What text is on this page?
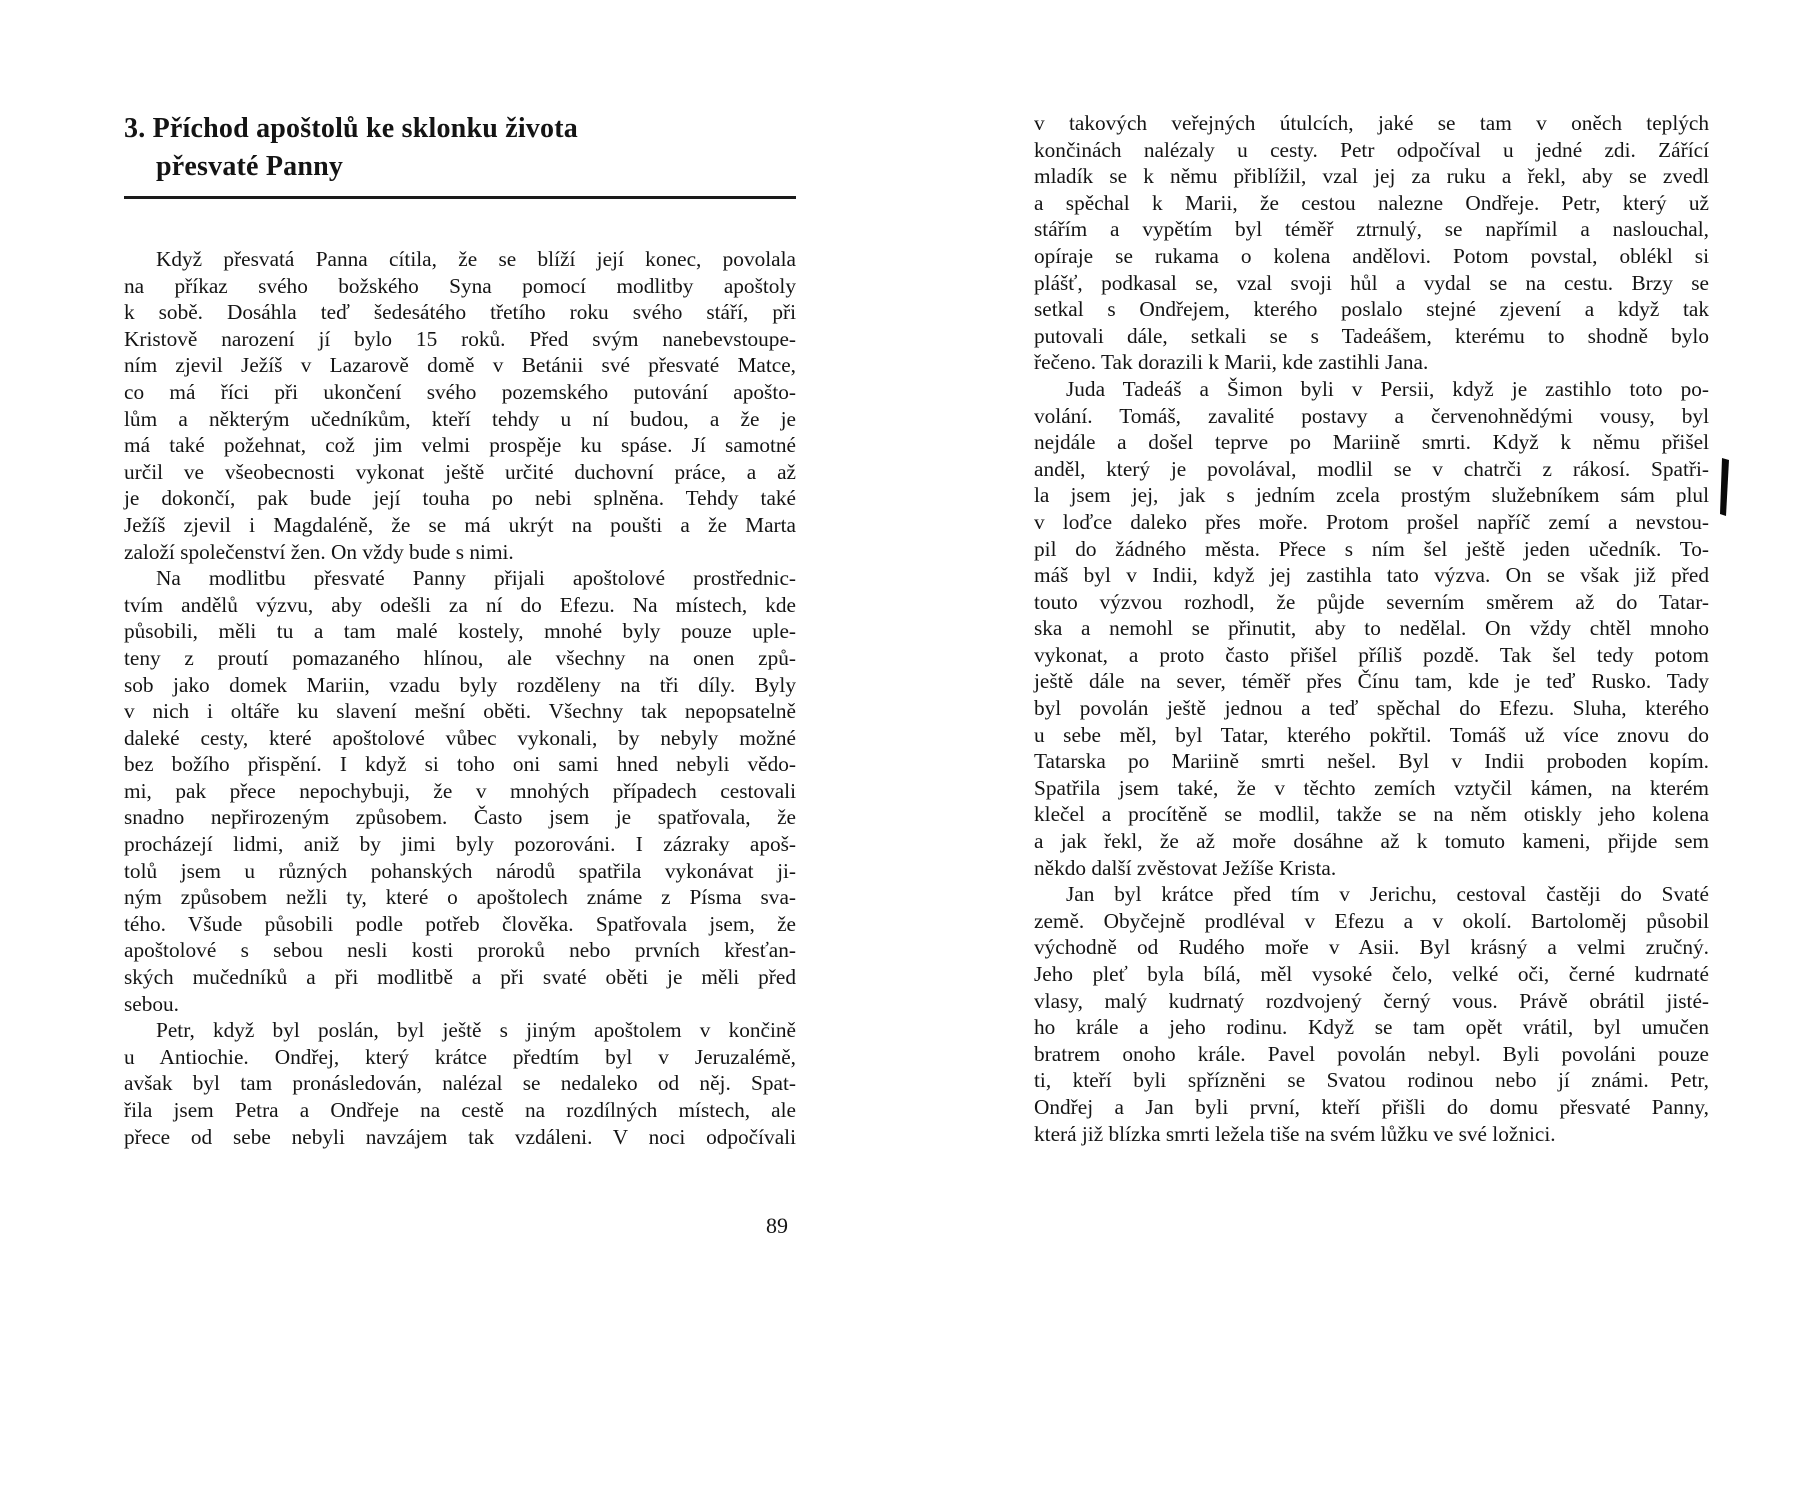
3. Příchod apoštolů ke sklonku života
přesvaté Panny

Když přesvatá Panna cítila, že se blíží její konec, povolala
na příkaz svého božského Syna pomocí modlitby apoštoly
k sobě. Dosáhla teď šedesátého třetího roku svého stáří, při
Kristově narození jí bylo 15 roků. Před svým nanebevstoupe-
ním zjevil Ježíš v Lazarově domě v Betánii své přesvaté Matce,
co má říci při ukončení svého pozemského putování apošto-
lům a některým učedníkům, kteří tehdy u ní budou, a že je
má také požehnat, což jim velmi prospěje ku spáse. Jí samotné
určil ve všeobecnosti vykonat ještě určité duchovní práce, a až
je dokončí, pak bude její touha po nebi splněna. Tehdy také
Ježíš zjevil i Magdaléně, že se má ukrýt na poušti a že Marta
založí společenství žen. On vždy bude s nimi.

Na modlitbu přesvaté Panny přijali apoštolové prostřednic-
tvím andělů výzvu, aby odešli za ní do Efezu. Na místech, kde
působili, měli tu a tam malé kostely, mnohé byly pouze uple-
teny z proutí pomazaného hlínou, ale všechny na onen způ-
sob jako domek Mariin, vzadu byly rozděleny na tři díly. Byly
v nich i oltáře ku slavení mešní oběti. Všechny tak nepopsatelně
daleké cesty, které apoštolové vůbec vykonali, by nebyly možné
bez božího přispění. I když si toho oni sami hned nebyli vědo-
mi, pak přece nepochybuji, že v mnohých případech cestovali
snadno nepřirozeným způsobem. Často jsem je spatřovala, že
procházejí lidmi, aniž by jimi byly pozorováni. I zázraky apoš-
tolů jsem u různých pohanských národů spatřila vykonávat ji-
ným způsobem nežli ty, které o apoštolech známe z Písma sva-
tého. Všude působili podle potřeb člověka. Spatřovala jsem, že
apoštolové s sebou nesli kosti proroků nebo prvních křesťan-
ských mučedníků a při modlitbě a při svaté oběti je měli před
sebou.

Petr, když byl poslán, byl ještě s jiným apoštolem v končině
u Antiochie. Ondřej, který krátce předtím byl v Jeruzalémě,
avšak byl tam pronásledován, nalézal se nedaleko od něj. Spat-
řila jsem Petra a Ondřeje na cestě na rozdílných místech, ale
přece od sebe nebyli navzájem tak vzdáleni. V noci odpočívali

89

v takových veřejných útulcích, jaké se tam v oněch teplých
končinách nalézaly u cesty. Petr odpočíval u jedné zdi. Zářící
mladík se k němu přiblížil, vzal jej za ruku a řekl, aby se zvedl
a spěchal k Marii, že cestou nalezne Ondřeje. Petr, který už
stářím a vypětím byl téměř ztrnulý, se napřímil a naslouchal,
opíraje se rukama o kolena andělovi. Potom povstal, oblékl si
plášť, podkasal se, vzal svoji hůl a vydal se na cestu. Brzy se
setkal s Ondřejem, kterého poslalo stejné zjevení a když tak
putovali dále, setkali se s Tadeášem, kterému to shodně bylo
řečeno. Tak dorazili k Marii, kde zastihli Jana.

Juda Tadeáš a Šimon byli v Persii, když je zastihlo toto po-
volání. Tomáš, zavalité postavy a červenohnědými vousy, byl
nejdále a došel teprve po Mariině smrti. Když k němu přišel
anděl, který je povolával, modlil se v chatrči z rákosí. Spatři-
la jsem jej, jak s jedním zcela prostým služebníkem sám plul
v loďce daleko přes moře. Protom prošel napříč zemí a nevstou-
pil do žádného města. Přece s ním šel ještě jeden učedník. To-
máš byl v Indii, když jej zastihla tato výzva. On se však již před
touto výzvou rozhodl, že půjde severním směrem až do Tatar-
ska a nemohl se přinutit, aby to nedělal. On vždy chtěl mnoho
vykonat, a proto často přišel příliš pozdě. Tak šel tedy potom
ještě dále na sever, téměř přes Čínu tam, kde je teď Rusko. Tady
byl povolán ještě jednou a teď spěchal do Efezu. Sluha, kterého
u sebe měl, byl Tatar, kterého pokřtil. Tomáš už více znovu do
Tatarska po Mariině smrti nešel. Byl v Indii proboden kopím.
Spatřila jsem také, že v těchto zemích vztyčil kámen, na kterém
klečel a procítěně se modlil, takže se na něm otiskly jeho kolena
a jak řekl, že až moře dosáhne až k tomuto kameni, přijde sem
někdo další zvěstovat Ježíše Krista.

Jan byl krátce před tím v Jerichu, cestoval častěji do Svaté
země. Obyčejně prodléval v Efezu a v okolí. Bartoloměj působil
východně od Rudého moře v Asii. Byl krásný a velmi zručný.
Jeho pleť byla bílá, měl vysoké čelo, velké oči, černé kudrnaté
vlasy, malý kudrnatý rozdvojený černý vous. Právě obrátil jisté-
ho krále a jeho rodinu. Když se tam opět vrátil, byl umučen
bratrem onoho krále. Pavel povolán nebyl. Byli povoláni pouze
ti, kteří byli spřízněni se Svatou rodinou nebo jí známi. Petr,
Ondřej a Jan byli první, kteří přišli do domu přesvaté Panny,
která již blízka smrti ležela tiše na svém lůžku ve své ložnici.
